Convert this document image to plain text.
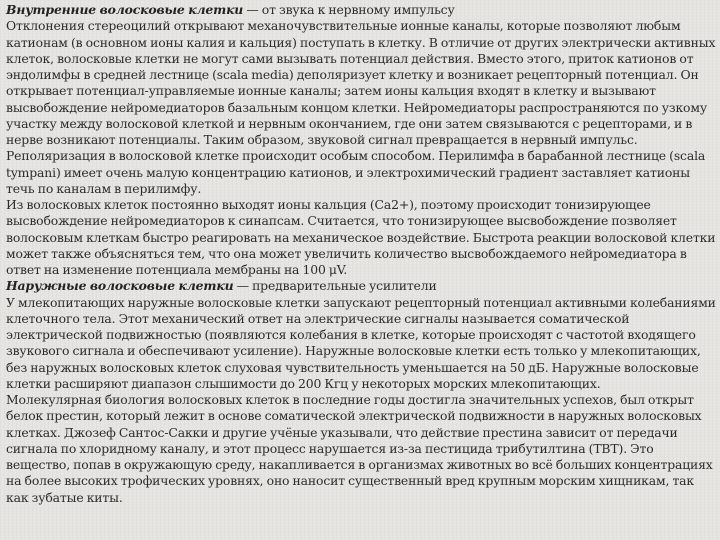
Внутренние волосковые клетки — от звука к нервному импульсу

Отклонения стереоцилий открывают механочувствительные ионные каналы, которые позволяют любым катионам (в основном ионы калия и кальция) поступать в клетку. В отличие от других электрически активных клеток, волосковые клетки не могут сами вызывать потенциал действия. Вместо этого, приток катионов от эндолимфы в средней лестнице (scala media) деполяризует клетку и возникает рецепторный потенциал. Он открывает потенциал-управляемые ионные каналы; затем ионы кальция входят в клетку и вызывают высвобождение нейромедиаторов базальным концом клетки. Нейромедиаторы распространяются по узкому участку между волосковой клеткой и нервным окончанием, где они затем связываются с рецепторами, и в нерве возникают потенциалы. Таким образом, звуковой сигнал превращается в нервный импульс. Реполяризация в волосковой клетке происходит особым способом. Перилимфа в барабанной лестнице (scala tympani) имеет очень малую концентрацию катионов, и электрохимический градиент заставляет катионы течь по каналам в перилимфу.

Из волосковых клеток постоянно выходят ионы кальция (Ca2+), поэтому происходит тонизирующее высвобождение нейромедиаторов к синапсам. Считается, что тонизирующее высвобождение позволяет волосковым клеткам быстро реагировать на механическое воздействие. Быстрота реакции волосковой клетки может также объясняться тем, что она может увеличить количество высвобождаемого нейромедиатора в ответ на изменение потенциала мембраны на 100 μV.

Наружные волосковые клетки — предварительные усилители

У млекопитающих наружные волосковые клетки запускают рецепторный потенциал активными колебаниями клеточного тела. Этот механический ответ на электрические сигналы называется соматической электрической подвижностью (появляются колебания в клетке, которые происходят с частотой входящего звукового сигнала и обеспечивают усиление). Наружные волосковые клетки есть только у млекопитающих, без наружных волосковых клеток слуховая чувствительность уменьшается на 50 дБ. Наружные волосковые клетки расширяют диапазон слышимости до 200 Кгц у некоторых морских млекопитающих.

Молекулярная биология волосковых клеток в последние годы достигла значительных успехов, был открыт белок престин, который лежит в основе соматической электрической подвижности в наружных волосковых клетках. Джозеф Сантос-Сакки и другие учёные указывали, что действие престина зависит от передачи сигнала по хлоридному каналу, и этот процесс нарушается из-за пестицида трибутилтина (ТВТ). Это вещество, попав в окружающую среду, накапливается в организмах животных во всё больших концентрациях на более высоких трофических уровнях, оно наносит существенный вред крупным морским хищникам, так как зубатые киты.
